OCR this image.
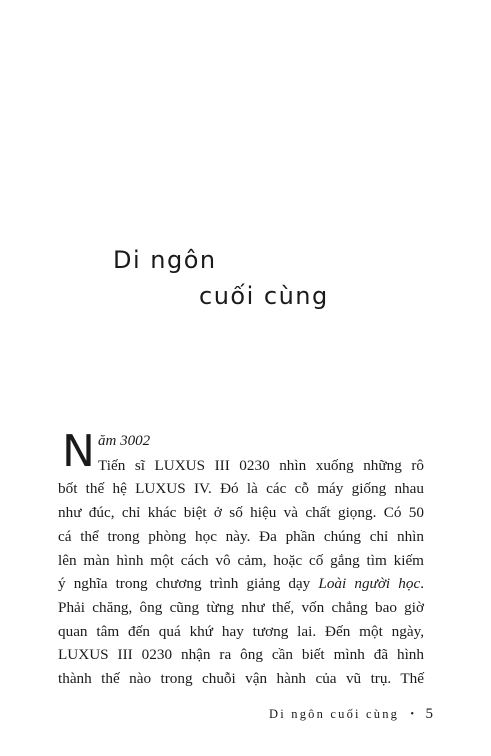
Di ngôn
cuối cùng
N ăm 3002
Tiến sĩ LUXUS III 0230 nhìn xuống những rô
bốt thế hệ LUXUS IV. Đó là các cỗ máy giống nhau
như đúc, chỉ khác biệt ở số hiệu và chất giọng. Có 50
cá thể trong phòng học này. Đa phần chúng chỉ nhìn
lên màn hình một cách vô cảm, hoặc cố gắng tìm kiếm
ý nghĩa trong chương trình giảng dạy Loài người học.
Phải chăng, ông cũng từng như thế, vốn chẳng bao giờ
quan tâm đến quá khứ hay tương lai. Đến một ngày,
LUXUS III 0230 nhận ra ông cần biết mình đã hình
thành thế nào trong chuỗi vận hành của vũ trụ. Thế
Di ngôn cuối cùng • 5
